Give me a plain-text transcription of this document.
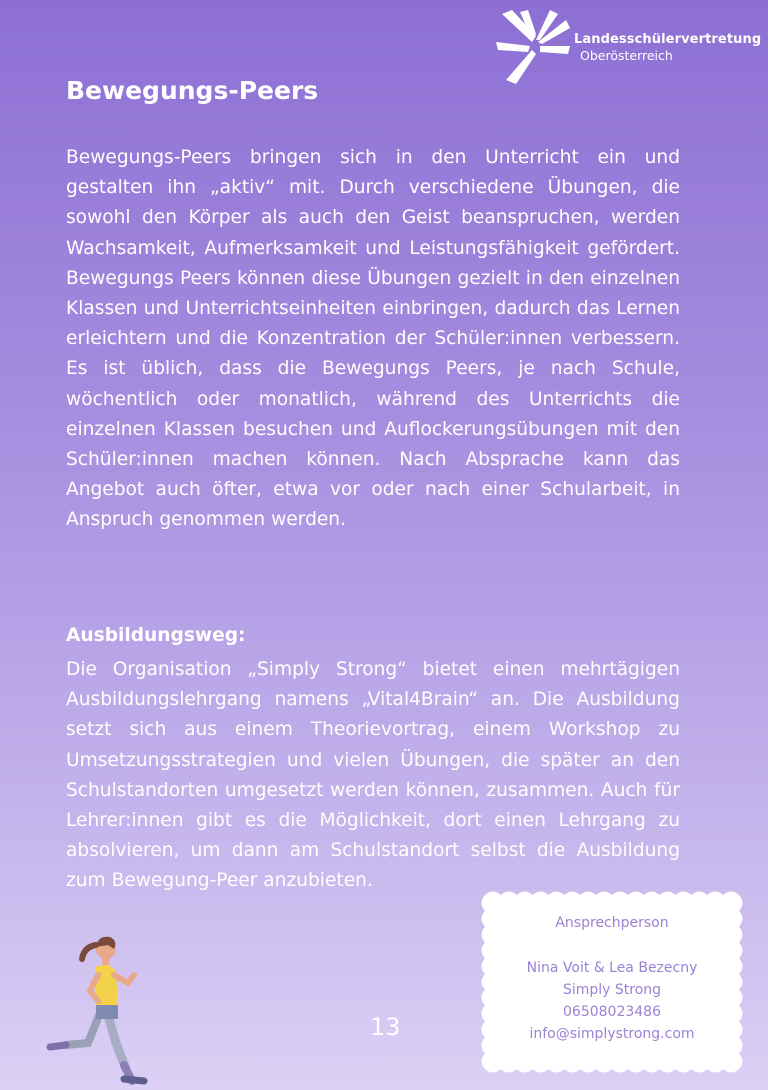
Landesschülervertretung
Oberösterreich
Bewegungs-Peers

Bewegungs-Peers bringen sich in den Unterricht ein und gestalten ihn „aktiv“ mit. Durch verschiedene Übungen, die sowohl den Körper als auch den Geist beanspruchen, werden Wachsamkeit, Aufmerksamkeit und Leistungsfähigkeit gefördert. Bewegungs Peers können diese Übungen gezielt in den einzelnen Klassen und Unterrichtseinheiten einbringen, dadurch das Lernen erleichtern und die Konzentration der Schüler:innen verbessern. Es ist üblich, dass die Bewegungs Peers, je nach Schule, wöchentlich oder monatlich, während des Unterrichts die einzelnen Klassen besuchen und Auflockerungsübungen mit den Schüler:innen machen können. Nach Absprache kann das Angebot auch öfter, etwa vor oder nach einer Schularbeit, in Anspruch genommen werden.

Ausbildungsweg:

Die Organisation „Simply Strong“ bietet einen mehrtägigen Ausbildungslehrgang namens „Vital4Brain“ an. Die Ausbildung setzt sich aus einem Theorievortrag, einem Workshop zu Umsetzungsstrategien und vielen Übungen, die später an den Schulstandorten umgesetzt werden können, zusammen. Auch für Lehrer:innen gibt es die Möglichkeit, dort einen Lehrgang zu absolvieren, um dann am Schulstandort selbst die Ausbildung zum Bewegung-Peer anzubieten.

13
Ansprechperson
Nina Voit & Lea Bezecny
Simply Strong
06508023486
info@simplystrong.com
